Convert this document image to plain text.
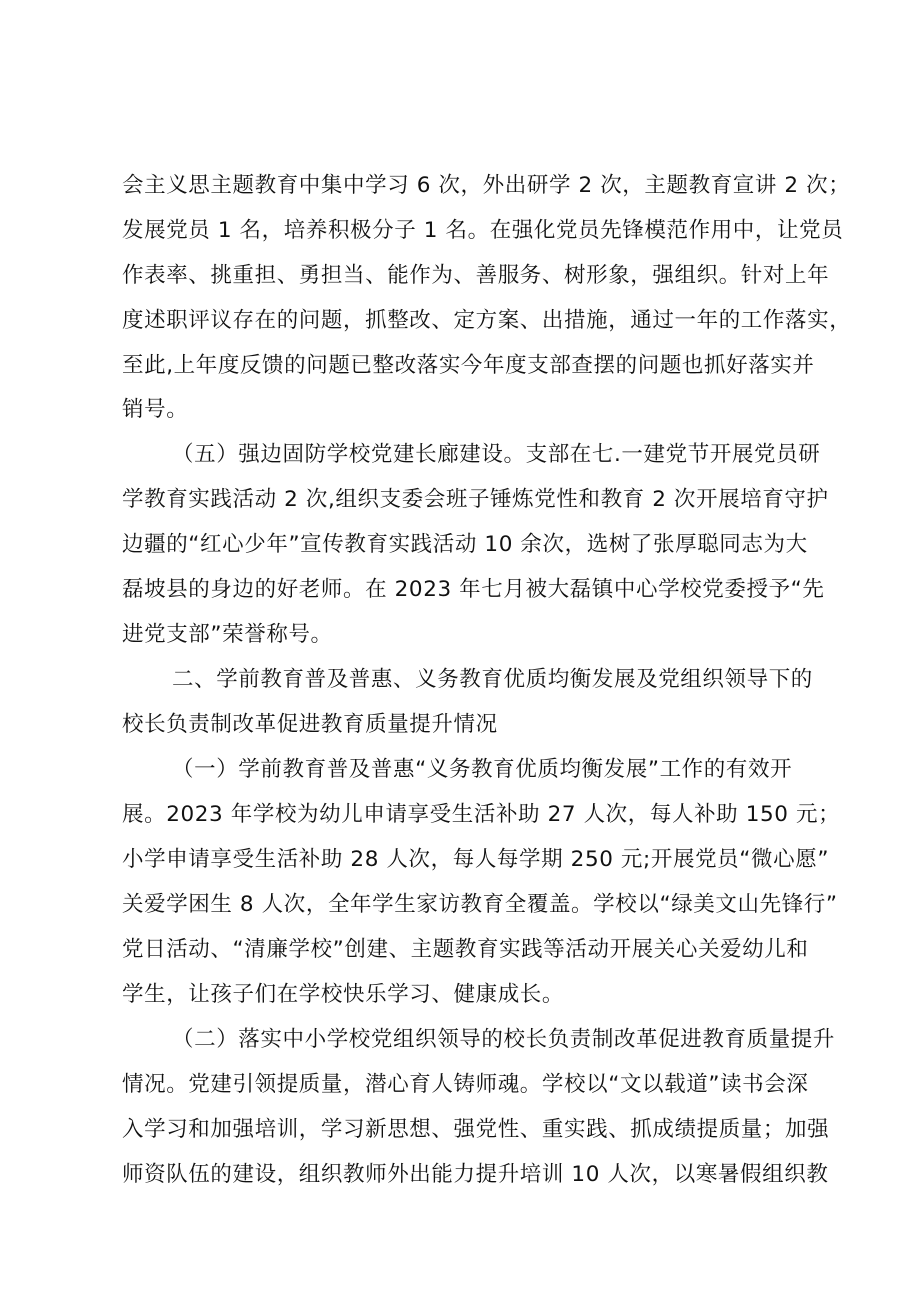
会主义思主题教育中集中学习 6 次，外出研学 2 次，主题教育宣讲 2 次；
发展党员 1 名，培养积极分子 1 名。在强化党员先锋模范作用中，让党员
作表率、挑重担、勇担当、能作为、善服务、树形象，强组织。针对上年
度述职评议存在的问题，抓整改、定方案、出措施，通过一年的工作落实，
至此,上年度反馈的问题已整改落实今年度支部查摆的问题也抓好落实并
销号。
（五）强边固防学校党建长廊建设。支部在七.一建党节开展党员研
学教育实践活动 2 次,组织支委会班子锤炼党性和教育 2 次开展培育守护
边疆的“红心少年”宣传教育实践活动 10 余次，选树了张厚聪同志为大
磊坡县的身边的好老师。在 2023 年七月被大磊镇中心学校党委授予“先
进党支部”荣誉称号。
二、学前教育普及普惠、义务教育优质均衡发展及党组织领导下的
校长负责制改革促进教育质量提升情况
（一）学前教育普及普惠“义务教育优质均衡发展”工作的有效开
展。2023 年学校为幼儿申请享受生活补助 27 人次，每人补助 150 元；
小学申请享受生活补助 28 人次，每人每学期 250 元;开展党员“微心愿”
关爱学困生 8 人次，全年学生家访教育全覆盖。学校以“绿美文山先锋行”
党日活动、“清廉学校”创建、主题教育实践等活动开展关心关爱幼儿和
学生，让孩子们在学校快乐学习、健康成长。
（二）落实中小学校党组织领导的校长负责制改革促进教育质量提升
情况。党建引领提质量，潜心育人铸师魂。学校以“文以载道”读书会深
入学习和加强培训，学习新思想、强党性、重实践、抓成绩提质量；加强
师资队伍的建设，组织教师外出能力提升培训 10 人次，以寒暑假组织教
